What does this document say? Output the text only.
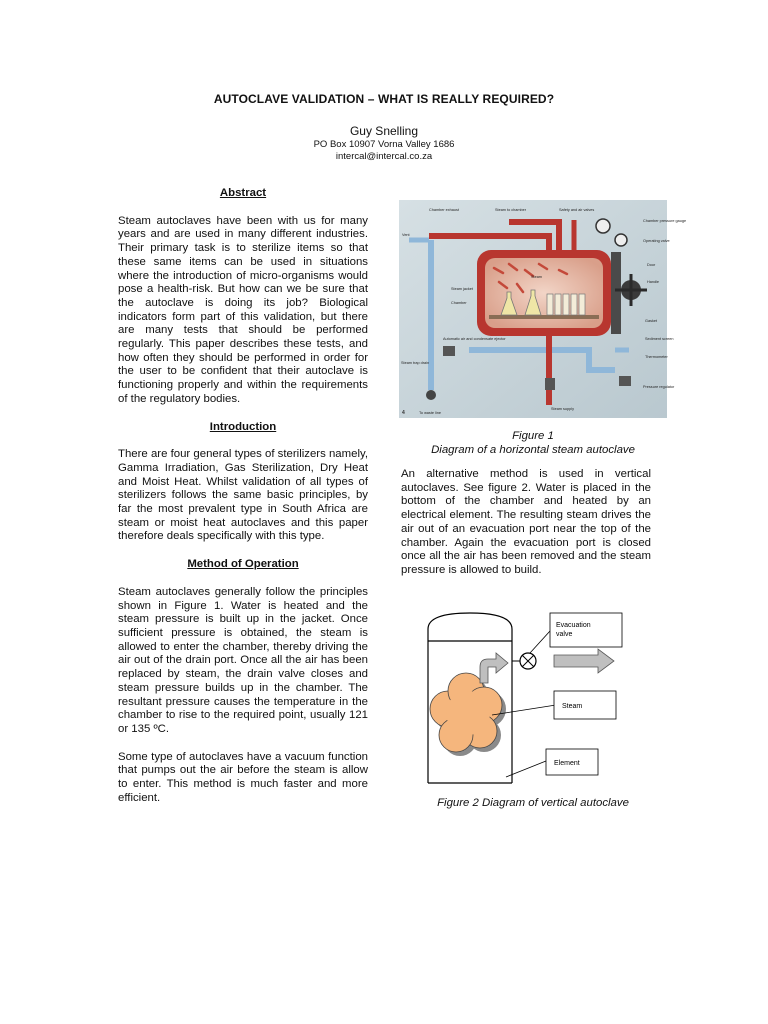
AUTOCLAVE VALIDATION – WHAT IS REALLY REQUIRED?
Guy Snelling
PO Box 10907 Vorna Valley 1686
intercal@intercal.co.za
Abstract

Steam autoclaves have been with us for many years and are used in many different industries. Their primary task is to sterilize items so that these same items can be used in situations where the introduction of micro-organisms would pose a health-risk. But how can we be sure that the autoclave is doing its job? Biological indicators form part of this validation, but there are many tests that should be performed regularly. This paper describes these tests, and how often they should be performed in order for the user to be confident that their autoclave is functioning properly and within the requirements of the regulatory bodies.

Introduction

There are four general types of sterilizers namely, Gamma Irradiation, Gas Sterilization, Dry Heat and Moist Heat. Whilst validation of all types of sterilizers follows the same basic principles, by far the most prevalent type in South Africa are steam or moist heat autoclaves and this paper therefore deals specifically with this type.

Method of Operation

Steam autoclaves generally follow the principles shown in Figure 1. Water is heated and the steam pressure is built up in the jacket. Once sufficient pressure is obtained, the steam is allowed to enter the chamber, thereby driving the air out of the drain port. Once all the air has been replaced by steam, the drain valve closes and steam pressure builds up in the chamber. The resultant pressure causes the temperature in the chamber to rise to the required point, usually 121 or 135 ºC.

Some type of autoclaves have a vacuum function that pumps out the air before the steam is allow to enter. This method is much faster and more efficient.

Chamber exhaust	Steam to chamber	Safety and air valves
Chamber pressure gauge
Operating valve
Door
Handle
Vent
Steam
Steam jacket
Chamber
Gasket
Sediment screen
Thermometer
Steam trap drain
Automatic air and condensate ejector
Pressure regulator
Steam supply
To waste line
4
Figure 1
Diagram of a horizontal steam autoclave

An alternative method is used in vertical autoclaves. See figure 2. Water is placed in the bottom of the chamber and heated by an electrical element. The resulting steam drives the air out of an evacuation port near the top of the chamber. Again the evacuation port is closed once all the air has been removed and the steam pressure is allowed to build.

Evacuation valve
Steam
Element
Figure 2 Diagram of vertical autoclave
